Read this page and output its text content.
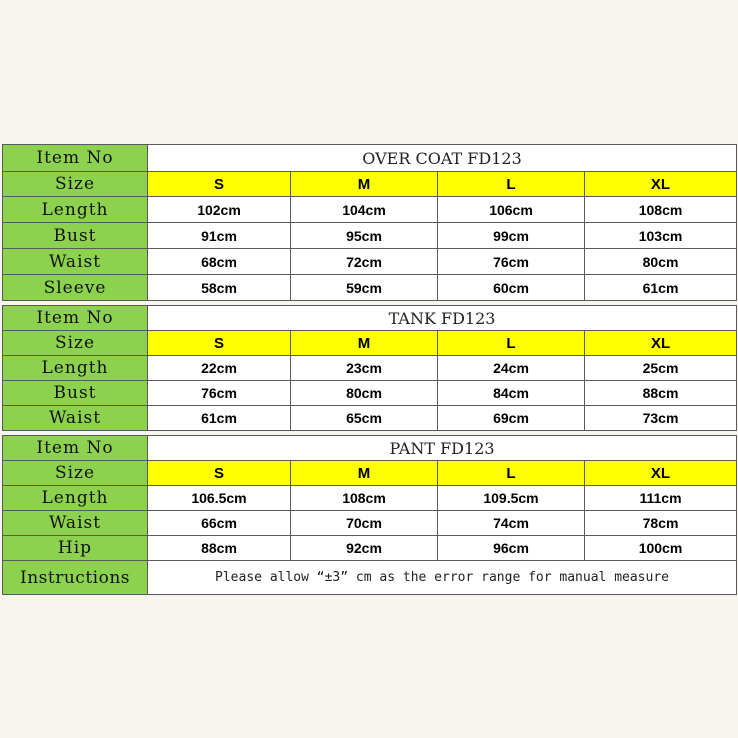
Item No	OVER COAT FD123			
Size	S	M	L	XL
Length	102cm	104cm	106cm	108cm
Bust	91cm	95cm	99cm	103cm
Waist	68cm	72cm	76cm	80cm
Sleeve	58cm	59cm	60cm	61cm
Item No	TANK FD123			
Size	S	M	L	XL
Length	22cm	23cm	24cm	25cm
Bust	76cm	80cm	84cm	88cm
Waist	61cm	65cm	69cm	73cm
Item No	PANT FD123			
Size	S	M	L	XL
Length	106.5cm	108cm	109.5cm	111cm
Waist	66cm	70cm	74cm	78cm
Hip	88cm	92cm	96cm	100cm
Instructions	Please allow “±3” cm as the error range for manual measure			
